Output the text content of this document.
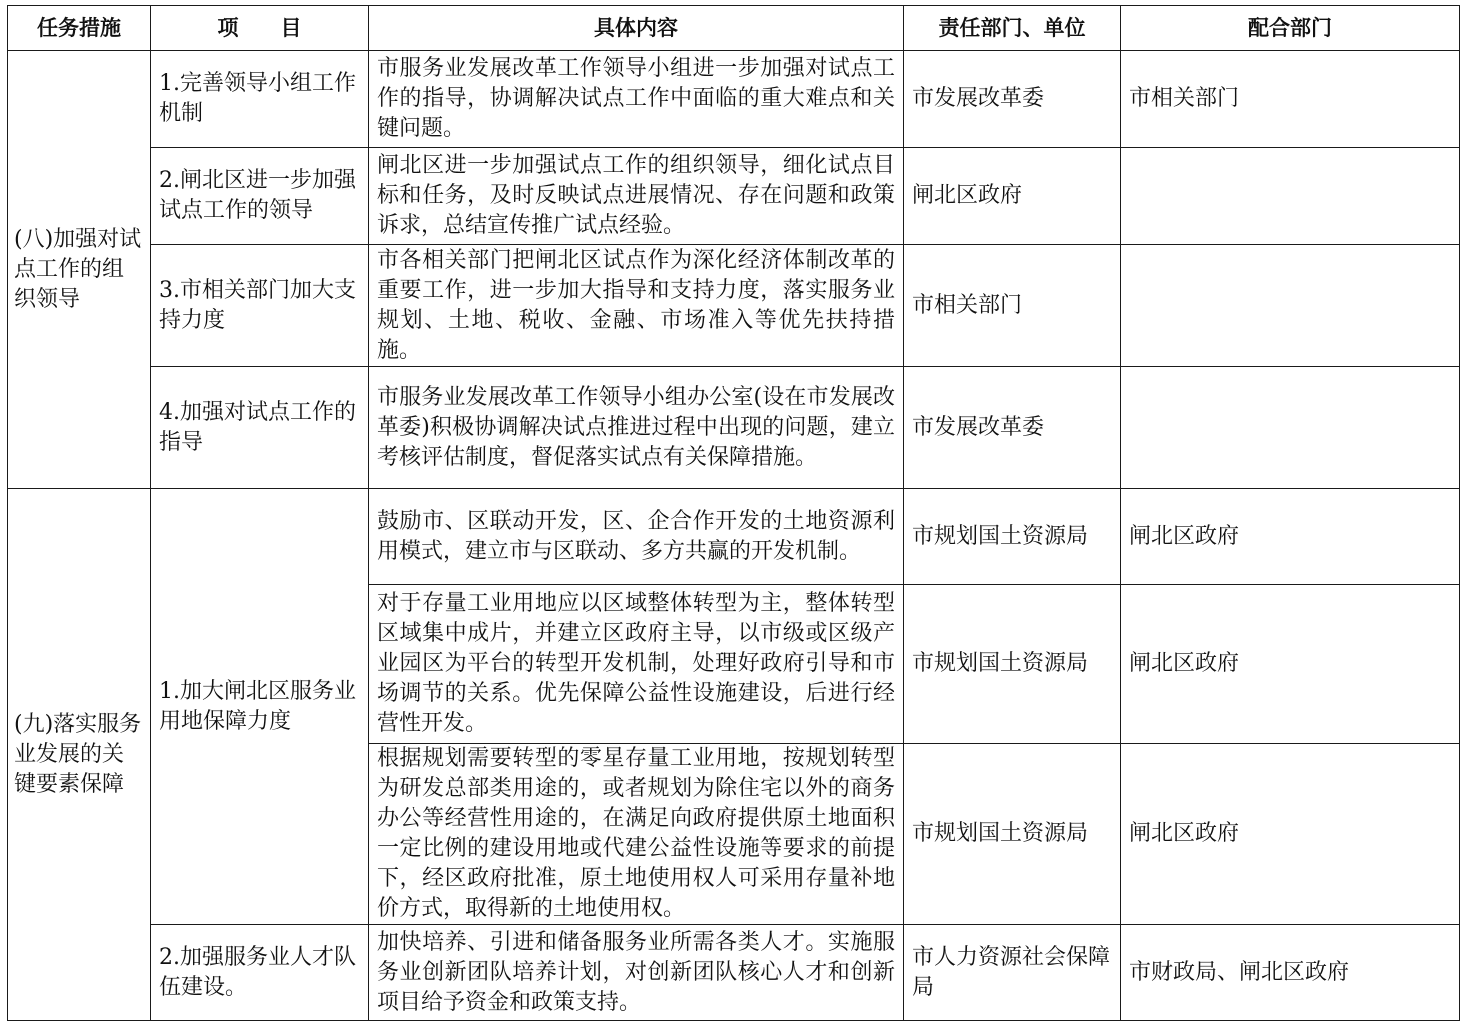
任务措施	项　　目	具体内容	责任部门、单位	配合部门
(八)加强对试点工作的组织领导	1.完善领导小组工作机制	市服务业发展改革工作领导小组进一步加强对试点工作的指导，协调解决试点工作中面临的重大难点和关键问题。	市发展改革委	市相关部门
	2.闸北区进一步加强试点工作的领导	闸北区进一步加强试点工作的组织领导，细化试点目标和任务，及时反映试点进展情况、存在问题和政策诉求，总结宣传推广试点经验。	闸北区政府	
	3.市相关部门加大支持力度	市各相关部门把闸北区试点作为深化经济体制改革的重要工作，进一步加大指导和支持力度，落实服务业规划、土地、税收、金融、市场准入等优先扶持措施。	市相关部门	
	4.加强对试点工作的指导	市服务业发展改革工作领导小组办公室(设在市发展改革委)积极协调解决试点推进过程中出现的问题，建立考核评估制度，督促落实试点有关保障措施。	市发展改革委	
(九)落实服务业发展的关键要素保障	1.加大闸北区服务业用地保障力度	鼓励市、区联动开发，区、企合作开发的土地资源利用模式，建立市与区联动、多方共赢的开发机制。	市规划国土资源局	闸北区政府
		对于存量工业用地应以区域整体转型为主，整体转型区域集中成片，并建立区政府主导，以市级或区级产业园区为平台的转型开发机制，处理好政府引导和市场调节的关系。优先保障公益性设施建设，后进行经营性开发。	市规划国土资源局	闸北区政府
		根据规划需要转型的零星存量工业用地，按规划转型为研发总部类用途的，或者规划为除住宅以外的商务办公等经营性用途的，在满足向政府提供原土地面积一定比例的建设用地或代建公益性设施等要求的前提下，经区政府批准，原土地使用权人可采用存量补地价方式，取得新的土地使用权。	市规划国土资源局	闸北区政府
	2.加强服务业人才队伍建设。	加快培养、引进和储备服务业所需各类人才。实施服务业创新团队培养计划，对创新团队核心人才和创新项目给予资金和政策支持。	市人力资源社会保障局	市财政局、闸北区政府
